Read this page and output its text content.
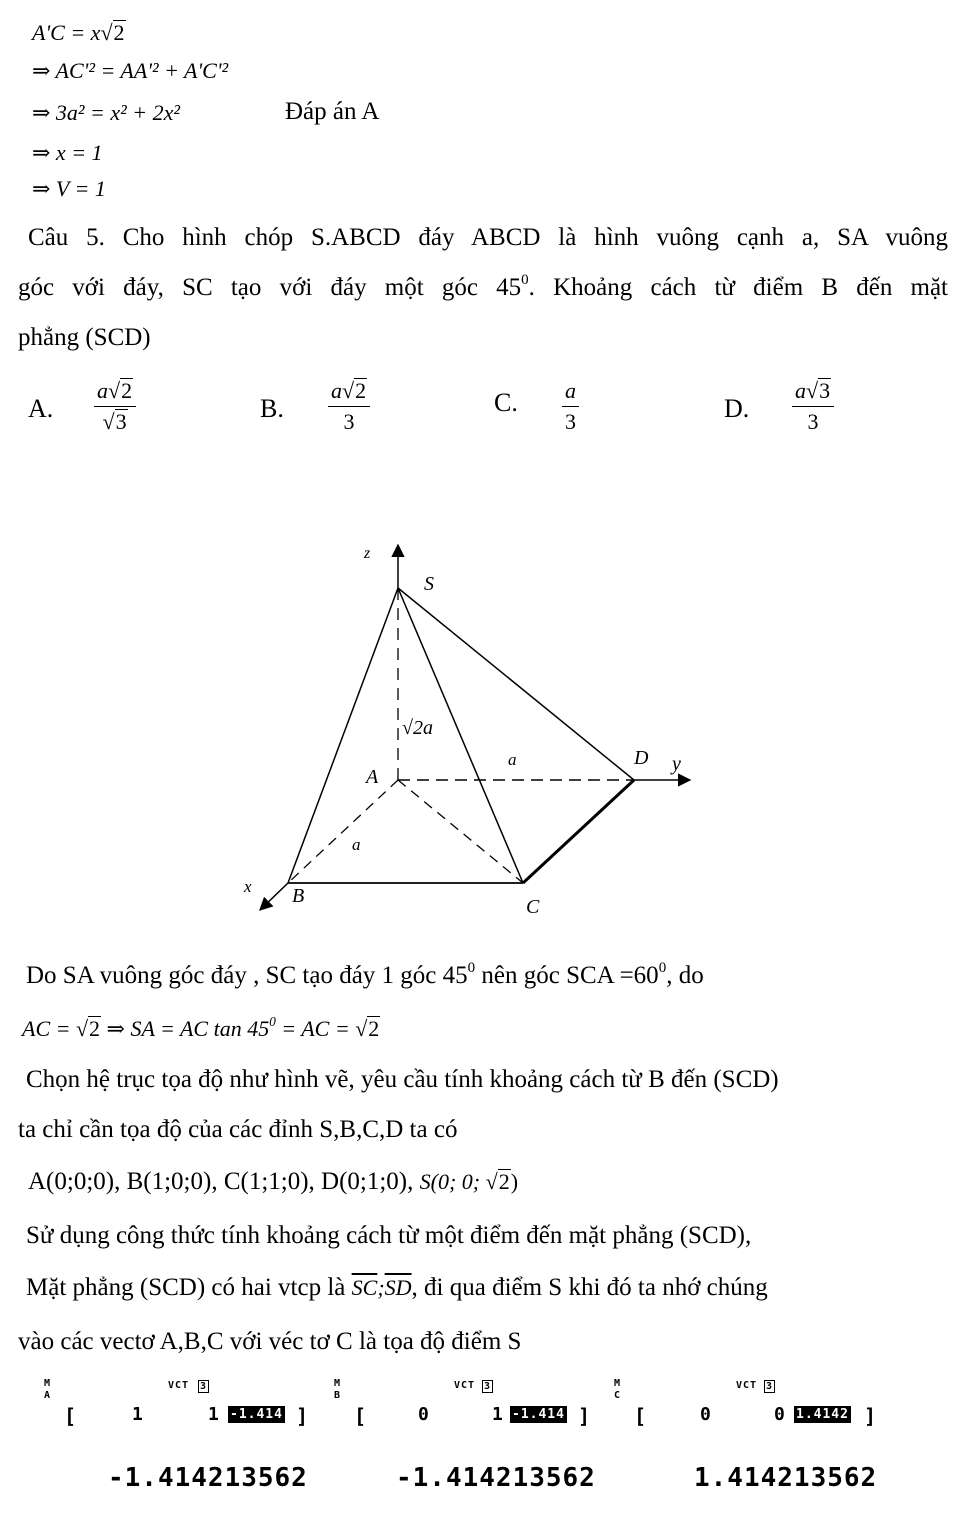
A'C = x√2
⇒ AC'² = AA'² + A'C'²
⇒ 3a² = x² + 2x²	Đáp án A
⇒ x = 1
⇒ V = 1
Câu 5. Cho hình chóp S.ABCD đáy ABCD là hình vuông cạnh a, SA vuông
góc với đáy, SC tạo với đáy một góc $45^0$. Khoảng cách từ điểm B đến mặt
phẳng (SCD)
A. $\frac{a√2}{√3}$	B. $\frac{a√2}{3}$	C. $\frac{a}{3}$	D. $\frac{a√3}{3}$
z
S
√2a
a
A
D y
a
x B	C
Do SA vuông góc đáy , SC tạo đáy 1 góc $45^0$ nên góc SCA $=60^0$, do
AC = √2 ⇒ SA = AC $\tan 45^0$ = AC = √2
Chọn hệ trục tọa độ như hình vẽ, yêu cầu tính khoảng cách từ B đến (SCD)
ta chỉ cần tọa độ của các đỉnh S,B,C,D ta có
A(0;0;0), B(1;0;0), C(1;1;0), D(0;1;0), S(0; 0; √2)
Sử dụng công thức tính khoảng cách từ một điểm đến mặt phẳng (SCD),
Mặt phẳng (SCD) có hai vtcp là $\overline{SC};\overline{SD}$, đi qua điểm S khi đó ta nhớ chúng
vào các vectơ A,B,C với véc tơ C là tọa độ điểm S
M
A
VCT 3
[	1	1 -1.414 ]
M
B
VCT 3
[	0	1 -1.414 ]
M
C
VCT 3
[	0	0 1.4142 ]
-1.414213562	-1.414213562	1.414213562
